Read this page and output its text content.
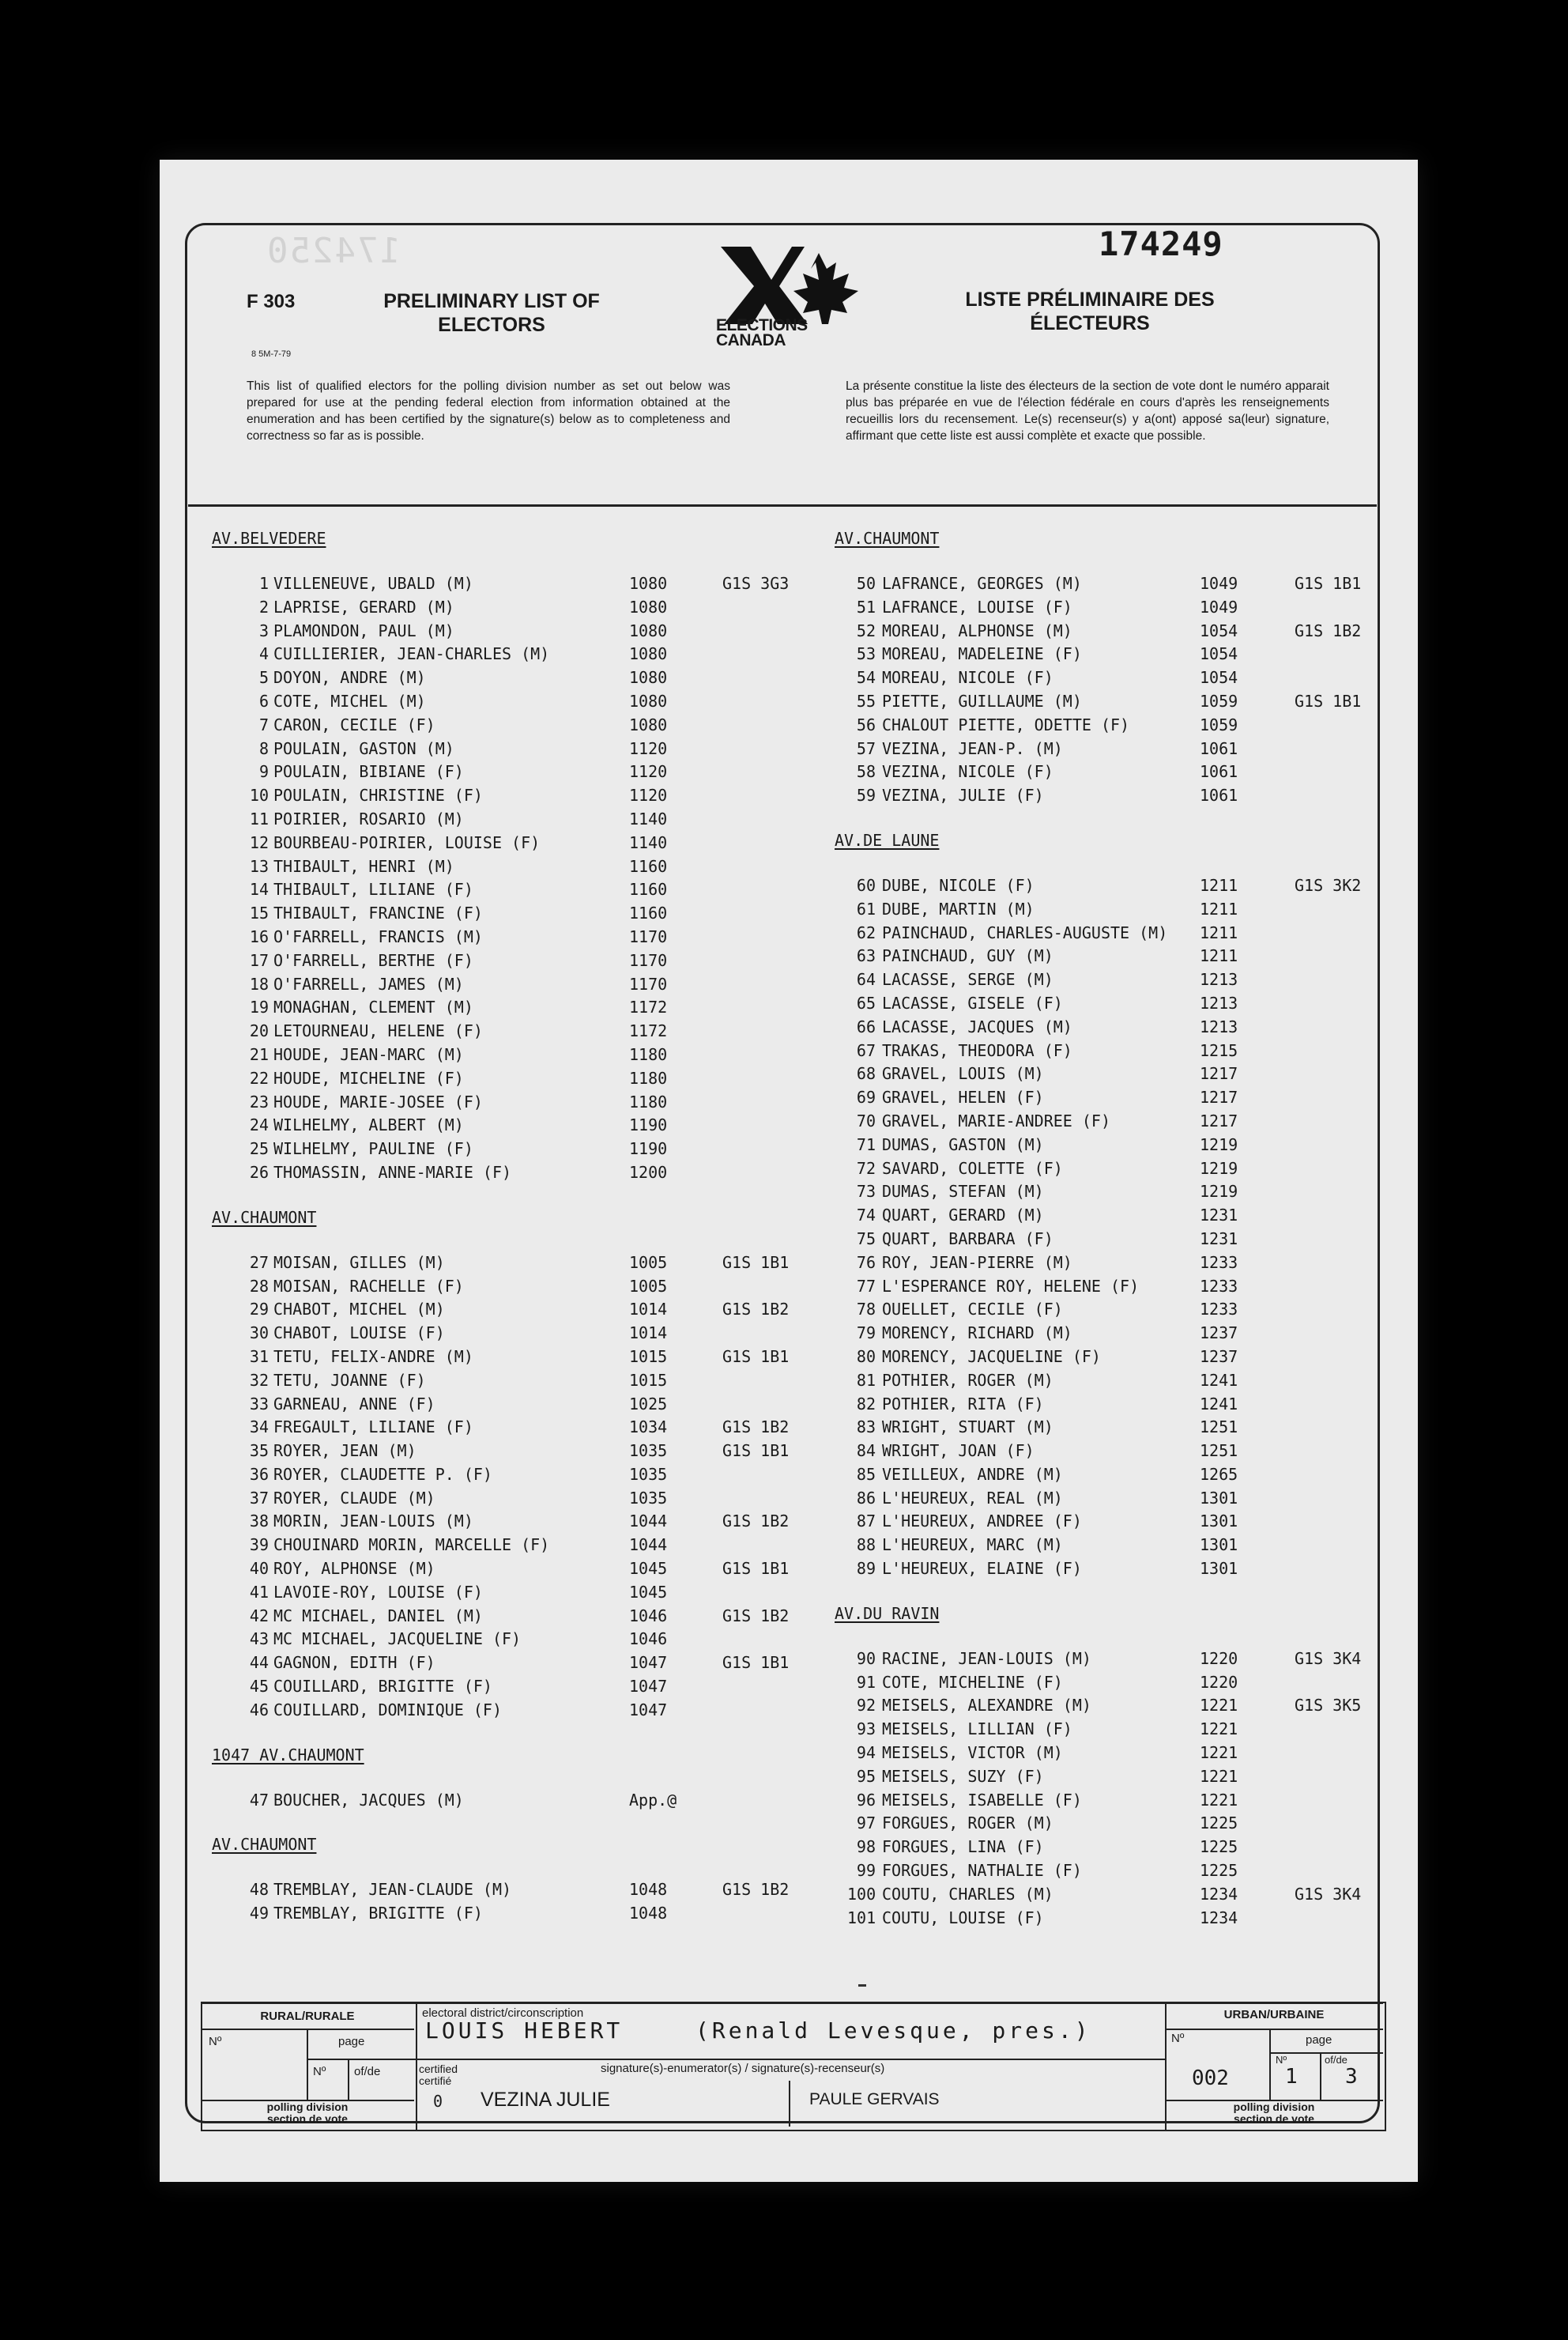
174250	174249
F 303
8 5M-7-79
PRELIMINARY LIST OF ELECTORS
LISTE PRÉLIMINAIRE DES ÉLECTEURS
ELECTIONS CANADA
This list of qualified electors for the polling division number as set out below was prepared for use at the pending federal election from information obtained at the enumeration and has been certified by the signature(s) below as to completeness and correctness so far as is possible.
La présente constitue la liste des électeurs de la section de vote dont le numéro apparait plus bas préparée en vue de l'élection fédérale en cours d'après les renseignements recueillis lors du recensement. Le(s) recenseur(s) y a(ont) apposé sa(leur) signature, affirmant que cette liste est aussi complète et exacte que possible.
AV.BELVEDERE
1 VILLENEUVE, UBALD (M)	1080	G1S 3G3
2 LAPRISE, GERARD (M)	1080
3 PLAMONDON, PAUL (M)	1080
4 CUILLIERIER, JEAN-CHARLES (M)	1080
5 DOYON, ANDRE (M)	1080
6 COTE, MICHEL (M)	1080
7 CARON, CECILE (F)	1080
8 POULAIN, GASTON (M)	1120
9 POULAIN, BIBIANE (F)	1120
10 POULAIN, CHRISTINE (F)	1120
11 POIRIER, ROSARIO (M)	1140
12 BOURBEAU-POIRIER, LOUISE (F)	1140
13 THIBAULT, HENRI (M)	1160
14 THIBAULT, LILIANE (F)	1160
15 THIBAULT, FRANCINE (F)	1160
16 O'FARRELL, FRANCIS (M)	1170
17 O'FARRELL, BERTHE (F)	1170
18 O'FARRELL, JAMES (M)	1170
19 MONAGHAN, CLEMENT (M)	1172
20 LETOURNEAU, HELENE (F)	1172
21 HOUDE, JEAN-MARC (M)	1180
22 HOUDE, MICHELINE (F)	1180
23 HOUDE, MARIE-JOSEE (F)	1180
24 WILHELMY, ALBERT (M)	1190
25 WILHELMY, PAULINE (F)	1190
26 THOMASSIN, ANNE-MARIE (F)	1200
AV.CHAUMONT
27 MOISAN, GILLES (M)	1005	G1S 1B1
28 MOISAN, RACHELLE (F)	1005
29 CHABOT, MICHEL (M)	1014	G1S 1B2
30 CHABOT, LOUISE (F)	1014
31 TETU, FELIX-ANDRE (M)	1015	G1S 1B1
32 TETU, JOANNE (F)	1015
33 GARNEAU, ANNE (F)	1025
34 FREGAULT, LILIANE (F)	1034	G1S 1B2
35 ROYER, JEAN (M)	1035	G1S 1B1
36 ROYER, CLAUDETTE P. (F)	1035
37 ROYER, CLAUDE (M)	1035
38 MORIN, JEAN-LOUIS (M)	1044	G1S 1B2
39 CHOUINARD MORIN, MARCELLE (F)	1044
40 ROY, ALPHONSE (M)	1045	G1S 1B1
41 LAVOIE-ROY, LOUISE (F)	1045
42 MC MICHAEL, DANIEL (M)	1046	G1S 1B2
43 MC MICHAEL, JACQUELINE (F)	1046
44 GAGNON, EDITH (F)	1047	G1S 1B1
45 COUILLARD, BRIGITTE (F)	1047
46 COUILLARD, DOMINIQUE (F)	1047
1047 AV.CHAUMONT
47 BOUCHER, JACQUES (M)	App.@
AV.CHAUMONT
48 TREMBLAY, JEAN-CLAUDE (M)	1048	G1S 1B2
49 TREMBLAY, BRIGITTE (F)	1048
AV.CHAUMONT
50 LAFRANCE, GEORGES (M)	1049	G1S 1B1
51 LAFRANCE, LOUISE (F)	1049
52 MOREAU, ALPHONSE (M)	1054	G1S 1B2
53 MOREAU, MADELEINE (F)	1054
54 MOREAU, NICOLE (F)	1054
55 PIETTE, GUILLAUME (M)	1059	G1S 1B1
56 CHALOUT PIETTE, ODETTE (F)	1059
57 VEZINA, JEAN-P. (M)	1061
58 VEZINA, NICOLE (F)	1061
59 VEZINA, JULIE (F)	1061
AV.DE LAUNE
60 DUBE, NICOLE (F)	1211	G1S 3K2
61 DUBE, MARTIN (M)	1211
62 PAINCHAUD, CHARLES-AUGUSTE (M) 1211
63 PAINCHAUD, GUY (M)	1211
64 LACASSE, SERGE (M)	1213
65 LACASSE, GISELE (F)	1213
66 LACASSE, JACQUES (M)	1213
67 TRAKAS, THEODORA (F)	1215
68 GRAVEL, LOUIS (M)	1217
69 GRAVEL, HELEN (F)	1217
70 GRAVEL, MARIE-ANDREE (F)	1217
71 DUMAS, GASTON (M)	1219
72 SAVARD, COLETTE (F)	1219
73 DUMAS, STEFAN (M)	1219
74 QUART, GERARD (M)	1231
75 QUART, BARBARA (F)	1231
76 ROY, JEAN-PIERRE (M)	1233
77 L'ESPERANCE ROY, HELENE (F)	1233
78 OUELLET, CECILE (F)	1233
79 MORENCY, RICHARD (M)	1237
80 MORENCY, JACQUELINE (F)	1237
81 POTHIER, ROGER (M)	1241
82 POTHIER, RITA (F)	1241
83 WRIGHT, STUART (M)	1251
84 WRIGHT, JOAN (F)	1251
85 VEILLEUX, ANDRE (M)	1265
86 L'HEUREUX, REAL (M)	1301
87 L'HEUREUX, ANDREE (F)	1301
88 L'HEUREUX, MARC (M)	1301
89 L'HEUREUX, ELAINE (F)	1301
AV.DU RAVIN
90 RACINE, JEAN-LOUIS (M)	1220	G1S 3K4
91 COTE, MICHELINE (F)	1220
92 MEISELS, ALEXANDRE (M)	1221	G1S 3K5
93 MEISELS, LILLIAN (F)	1221
94 MEISELS, VICTOR (M)	1221
95 MEISELS, SUZY (F)	1221
96 MEISELS, ISABELLE (F)	1221
97 FORGUES, ROGER (M)	1225
98 FORGUES, LINA (F)	1225
99 FORGUES, NATHALIE (F)	1225
100 COUTU, CHARLES (M)	1234	G1S 3K4
101 COUTU, LOUISE (F)	1234
RURAL/RURALE
Nº	page
Nº of/de
polling division
section de vote
electoral district/circonscription
LOUIS HEBERT	(Renald Levesque, pres.)
certified
certifié
signature(s)-enumerator(s) / signature(s)-recenseur(s)
0 VEZINA JULIE	PAULE GERVAIS
URBAN/URBAINE
Nº
002
page
Nº
1
of/de
3
polling division
section de vote
